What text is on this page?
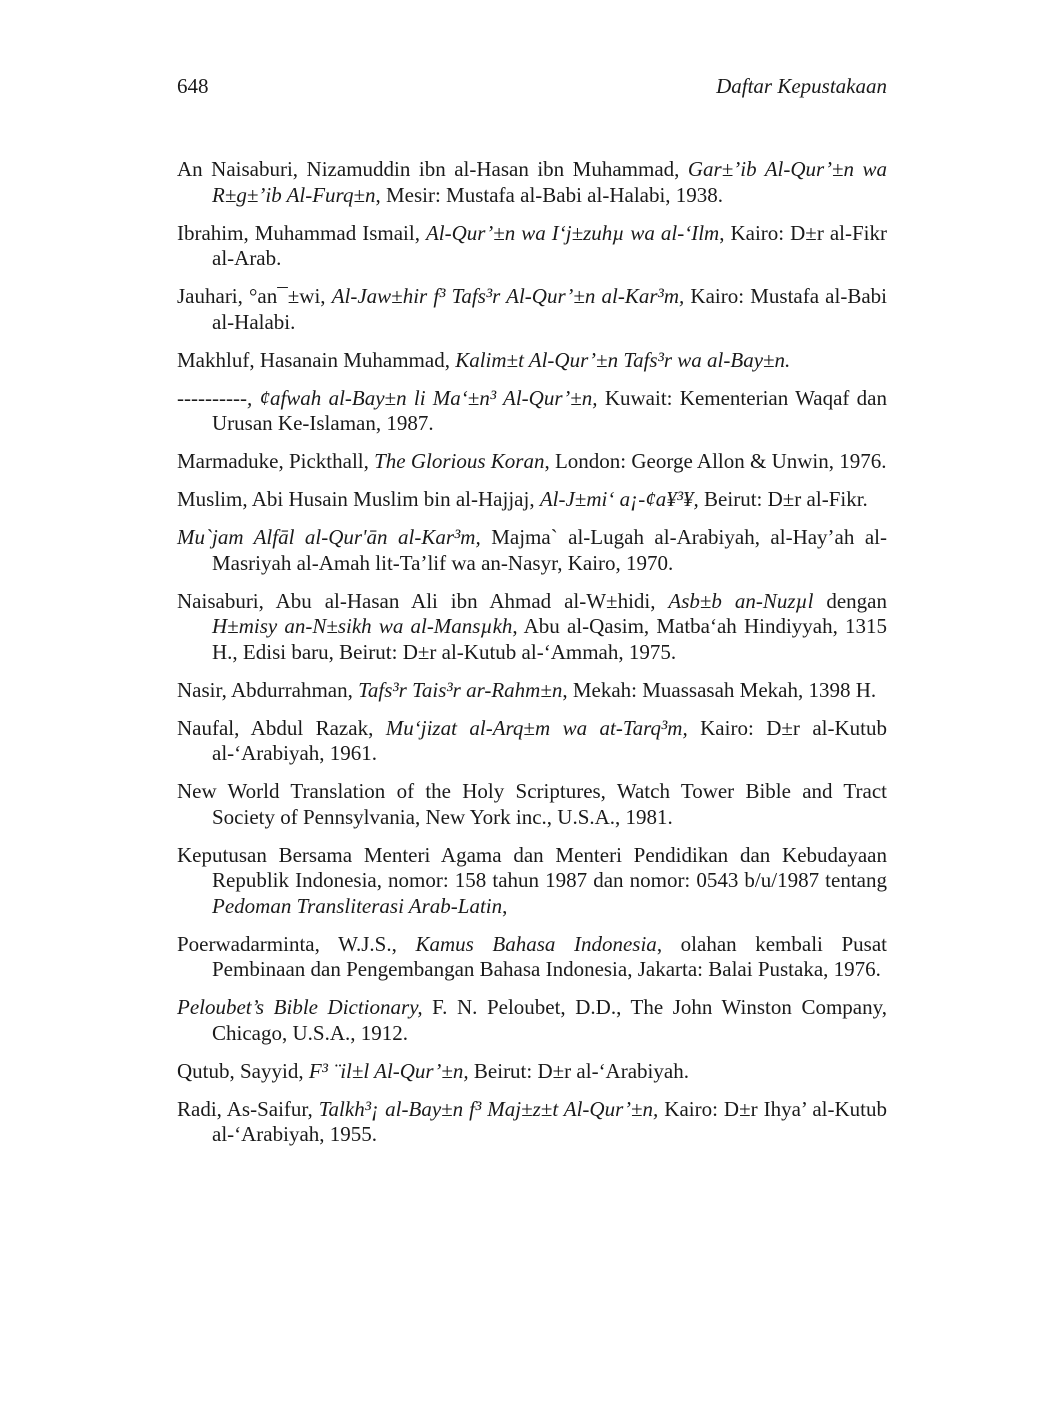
648	Daftar Kepustakaan

An Naisaburi, Nizamuddin ibn al-Hasan ibn Muhammad, Gar±’ib Al-Qur’±n wa R±g±’ib Al-Furq±n, Mesir: Mustafa al-Babi al-Halabi, 1938.

Ibrahim, Muhammad Ismail, Al-Qur’±n wa I‘j±zuhµ wa al-‘Ilm, Kairo: D±r al-Fikr al-Arab.

Jauhari, °an¯±wi, Al-Jaw±hir f³ Tafs³r Al-Qur’±n al-Kar³m, Kairo: Mustafa al-Babi al-Halabi.

Makhluf, Hasanain Muhammad, Kalim±t Al-Qur’±n Tafs³r wa al-Bay±n.

----------, ¢afwah al-Bay±n li Ma‘±n³ Al-Qur’±n, Kuwait: Kementerian Waqaf dan Urusan Ke-Islaman, 1987.

Marmaduke, Pickthall, The Glorious Koran, London: George Allon & Unwin, 1976.

Muslim, Abi Husain Muslim bin al-Hajjaj, Al-J±mi‘ a¡-¢a¥³¥, Beirut: D±r al-Fikr.

Mu`jam Alfāl al-Qur'ān al-Kar³m, Majma` al-Lugah al-Arabiyah, al-Hay’ah al-Masriyah al-Amah lit-Ta’lif wa an-Nasyr, Kairo, 1970.

Naisaburi, Abu al-Hasan Ali ibn Ahmad al-W±hidi, Asb±b an-Nuzµl dengan H±misy an-N±sikh wa al-Mansµkh, Abu al-Qasim, Matba‘ah Hindiyyah, 1315 H., Edisi baru, Beirut: D±r al-Kutub al-‘Ammah, 1975.

Nasir, Abdurrahman, Tafs³r Tais³r ar-Rahm±n, Mekah: Muassasah Mekah, 1398 H.

Naufal, Abdul Razak, Mu‘jizat al-Arq±m wa at-Tarq³m, Kairo: D±r al-Kutub al-‘Arabiyah, 1961.

New World Translation of the Holy Scriptures, Watch Tower Bible and Tract Society of Pennsylvania, New York inc., U.S.A., 1981.

Keputusan Bersama Menteri Agama dan Menteri Pendidikan dan Kebudayaan Republik Indonesia, nomor: 158 tahun 1987 dan nomor: 0543 b/u/1987 tentang Pedoman Transliterasi Arab-Latin,

Poerwadarminta, W.J.S., Kamus Bahasa Indonesia, olahan kembali Pusat Pembinaan dan Pengembangan Bahasa Indonesia, Jakarta: Balai Pustaka, 1976.

Peloubet’s Bible Dictionary, F. N. Peloubet, D.D., The John Winston Company, Chicago, U.S.A., 1912.

Qutub, Sayyid, F³ ¨il±l Al-Qur’±n, Beirut: D±r al-‘Arabiyah.

Radi, As-Saifur, Talkh³¡ al-Bay±n f³ Maj±z±t Al-Qur’±n, Kairo: D±r Ihya’ al-Kutub al-‘Arabiyah, 1955.
